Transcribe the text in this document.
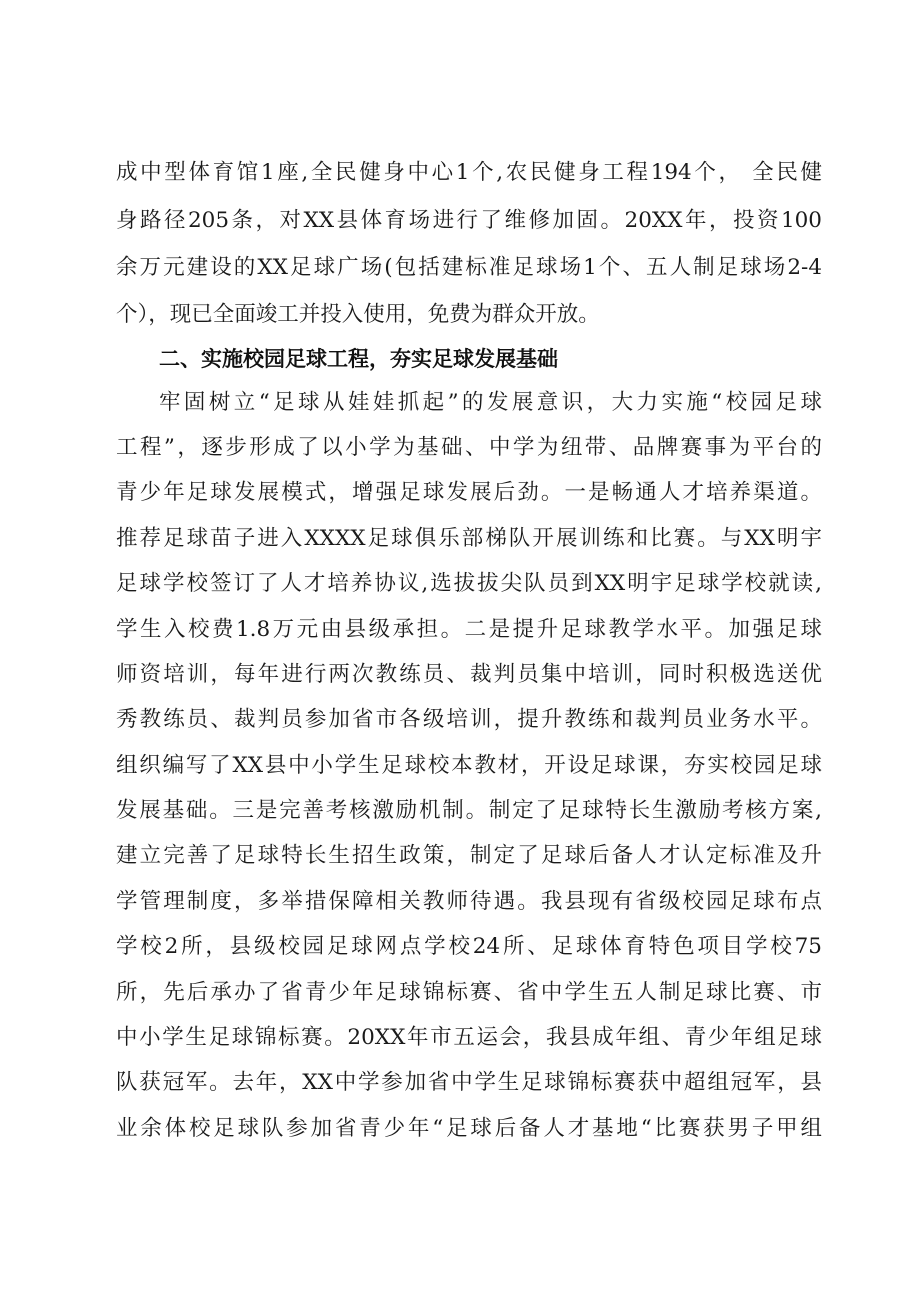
成中型体育馆1座,全民健身中心1个,农民健身工程194个， 全民健
身路径205条，对XX县体育场进行了维修加固。20XX年，投资100
余万元建设的XX足球广场(包括建标准足球场1个、五人制足球场2-4
个），现已全面竣工并投入使用，免费为群众开放。
二、实施校园足球工程，夯实足球发展基础
牢固树立“足球从娃娃抓起”的发展意识，大力实施“校园足球
工程”，逐步形成了以小学为基础、中学为纽带、品牌赛事为平台的
青少年足球发展模式，增强足球发展后劲。一是畅通人才培养渠道。
推荐足球苗子进入XXXX足球俱乐部梯队开展训练和比赛。与XX明宇
足球学校签订了人才培养协议,选拔拔尖队员到XX明宇足球学校就读,
学生入校费1.8万元由县级承担。二是提升足球教学水平。加强足球
师资培训，每年进行两次教练员、裁判员集中培训，同时积极选送优
秀教练员、裁判员参加省市各级培训，提升教练和裁判员业务水平。
组织编写了XX县中小学生足球校本教材，开设足球课，夯实校园足球
发展基础。三是完善考核激励机制。制定了足球特长生激励考核方案,
建立完善了足球特长生招生政策，制定了足球后备人才认定标准及升
学管理制度，多举措保障相关教师待遇。我县现有省级校园足球布点
学校2所，县级校园足球网点学校24所、足球体育特色项目学校75
所，先后承办了省青少年足球锦标赛、省中学生五人制足球比赛、市
中小学生足球锦标赛。20XX年市五运会，我县成年组、青少年组足球
队获冠军。去年，XX中学参加省中学生足球锦标赛获中超组冠军，县
业余体校足球队参加省青少年“足球后备人才基地“比赛获男子甲组
